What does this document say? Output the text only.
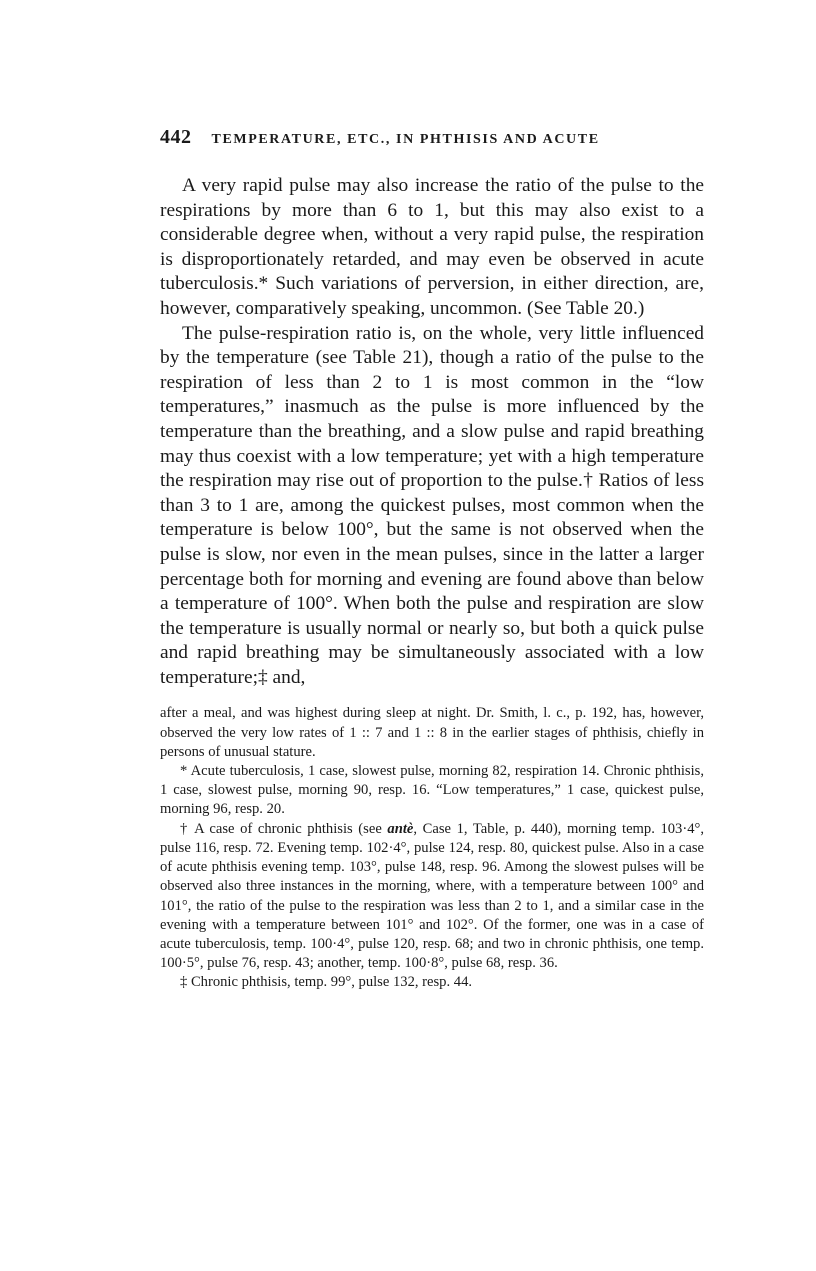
442 TEMPERATURE, ETC., IN PHTHISIS AND ACUTE

A very rapid pulse may also increase the ratio of the pulse to the respirations by more than 6 to 1, but this may also exist to a considerable degree when, without a very rapid pulse, the respiration is disproportionately retarded, and may even be observed in acute tuberculosis.* Such variations of perversion, in either direction, are, however, comparatively speaking, uncommon. (See Table 20.)

The pulse-respiration ratio is, on the whole, very little influenced by the temperature (see Table 21), though a ratio of the pulse to the respiration of less than 2 to 1 is most common in the “low temperatures,” inasmuch as the pulse is more influenced by the temperature than the breathing, and a slow pulse and rapid breathing may thus coexist with a low temperature; yet with a high temperature the respiration may rise out of proportion to the pulse.† Ratios of less than 3 to 1 are, among the quickest pulses, most common when the temperature is below 100°, but the same is not observed when the pulse is slow, nor even in the mean pulses, since in the latter a larger percentage both for morning and evening are found above than below a temperature of 100°. When both the pulse and respiration are slow the temperature is usually normal or nearly so, but both a quick pulse and rapid breathing may be simultaneously associated with a low temperature;‡ and,

after a meal, and was highest during sleep at night. Dr. Smith, l. c., p. 192, has, however, observed the very low rates of 1 :: 7 and 1 :: 8 in the earlier stages of phthisis, chiefly in persons of unusual stature.

* Acute tuberculosis, 1 case, slowest pulse, morning 82, respiration 14. Chronic phthisis, 1 case, slowest pulse, morning 90, resp. 16. “Low temperatures,” 1 case, quickest pulse, morning 96, resp. 20.

† A case of chronic phthisis (see antè, Case 1, Table, p. 440), morning temp. 103·4°, pulse 116, resp. 72. Evening temp. 102·4°, pulse 124, resp. 80, quickest pulse. Also in a case of acute phthisis evening temp. 103°, pulse 148, resp. 96. Among the slowest pulses will be observed also three instances in the morning, where, with a temperature between 100° and 101°, the ratio of the pulse to the respiration was less than 2 to 1, and a similar case in the evening with a temperature between 101° and 102°. Of the former, one was in a case of acute tuberculosis, temp. 100·4°, pulse 120, resp. 68; and two in chronic phthisis, one temp. 100·5°, pulse 76, resp. 43; another, temp. 100·8°, pulse 68, resp. 36.

‡ Chronic phthisis, temp. 99°, pulse 132, resp. 44.
